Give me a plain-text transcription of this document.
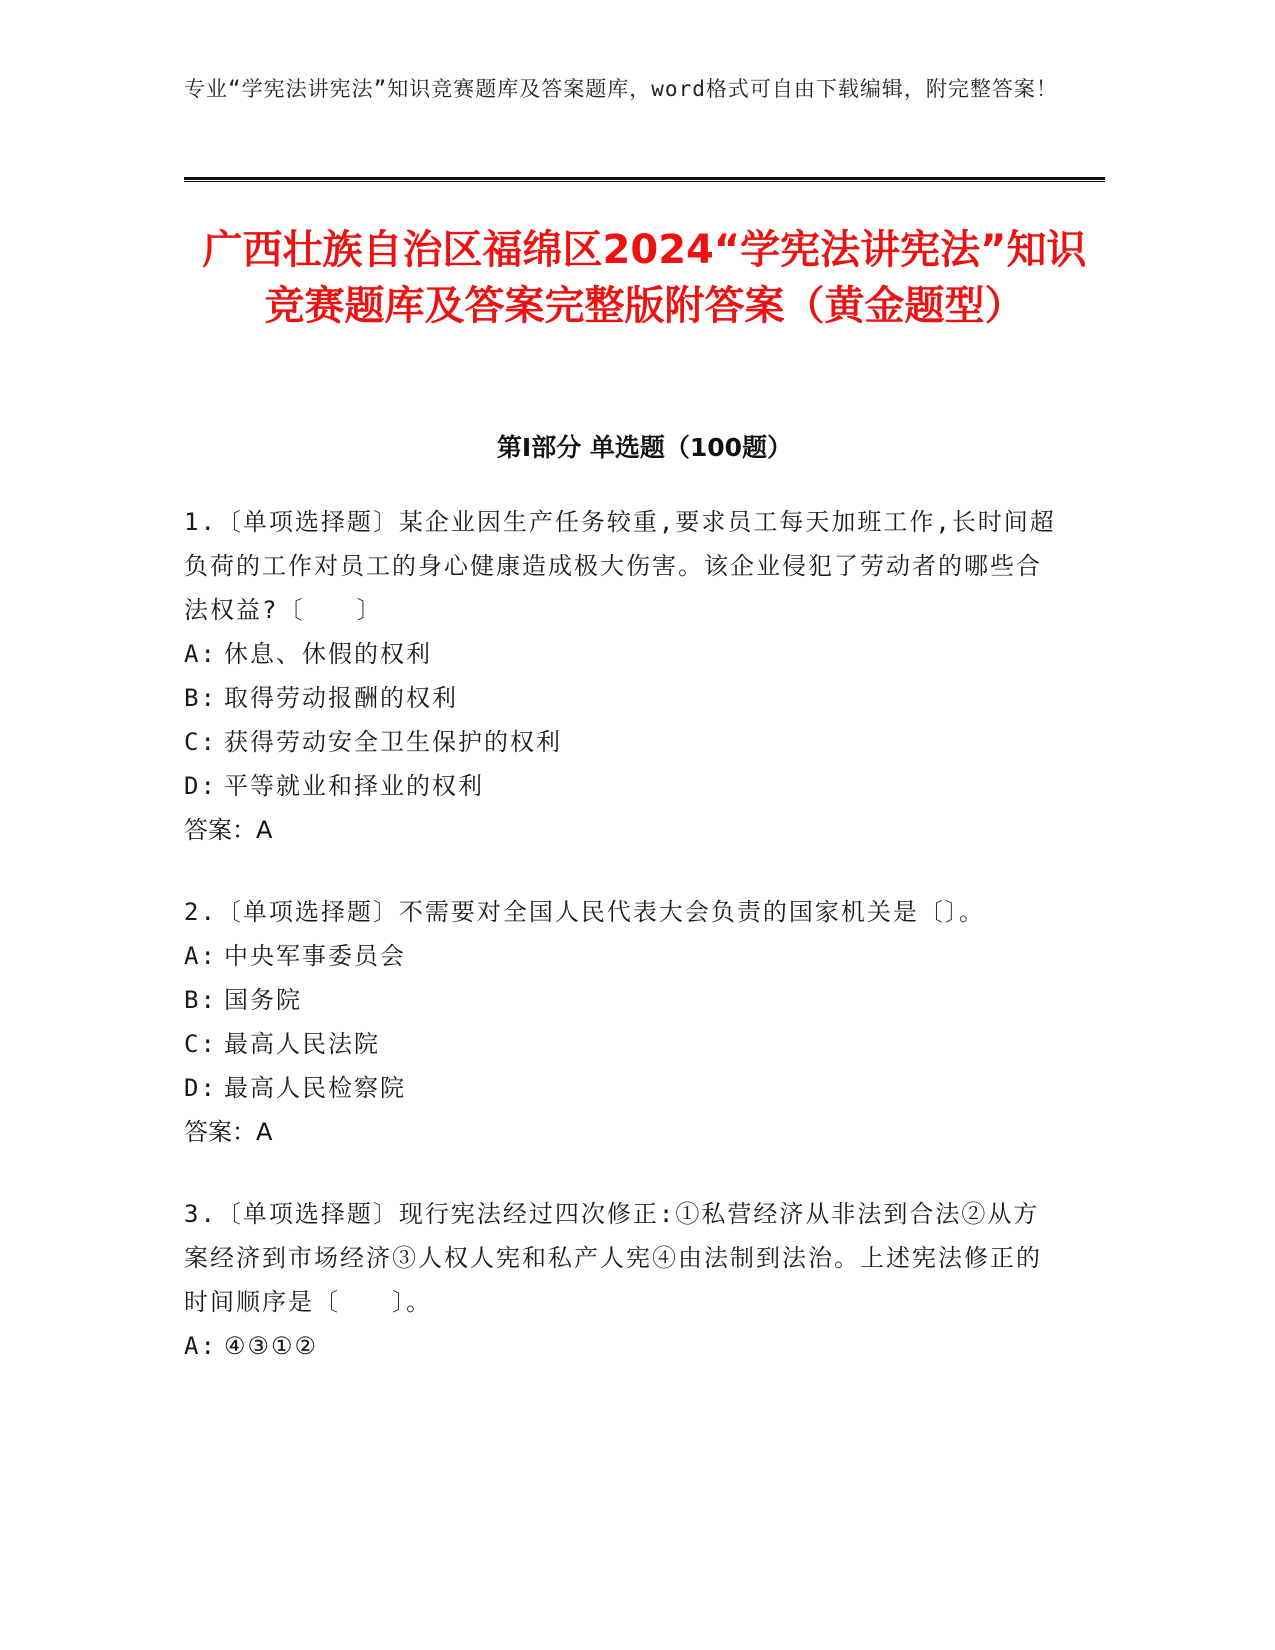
专业“学宪法讲宪法”知识竞赛题库及答案题库，word格式可自由下载编辑，附完整答案！

广西壮族自治区福绵区2024“学宪法讲宪法”知识竞赛题库及答案完整版附答案（黄金题型）
第Ⅰ部分 单选题（100题）

1.〔单项选择题〕某企业因生产任务较重,要求员工每天加班工作,长时间超负荷的工作对员工的身心健康造成极大伤害。该企业侵犯了劳动者的哪些合法权益?〔　　〕

A: 休息、休假的权利

B: 取得劳动报酬的权利

C: 获得劳动安全卫生保护的权利

D: 平等就业和择业的权利

答案：A

2.〔单项选择题〕不需要对全国人民代表大会负责的国家机关是〔〕。

A: 中央军事委员会

B: 国务院

C: 最高人民法院

D: 最高人民检察院

答案：A

3.〔单项选择题〕现行宪法经过四次修正:①私营经济从非法到合法②从方案经济到市场经济③人权人宪和私产人宪④由法制到法治。上述宪法修正的时间顺序是〔　　〕。

A: ④③①②
